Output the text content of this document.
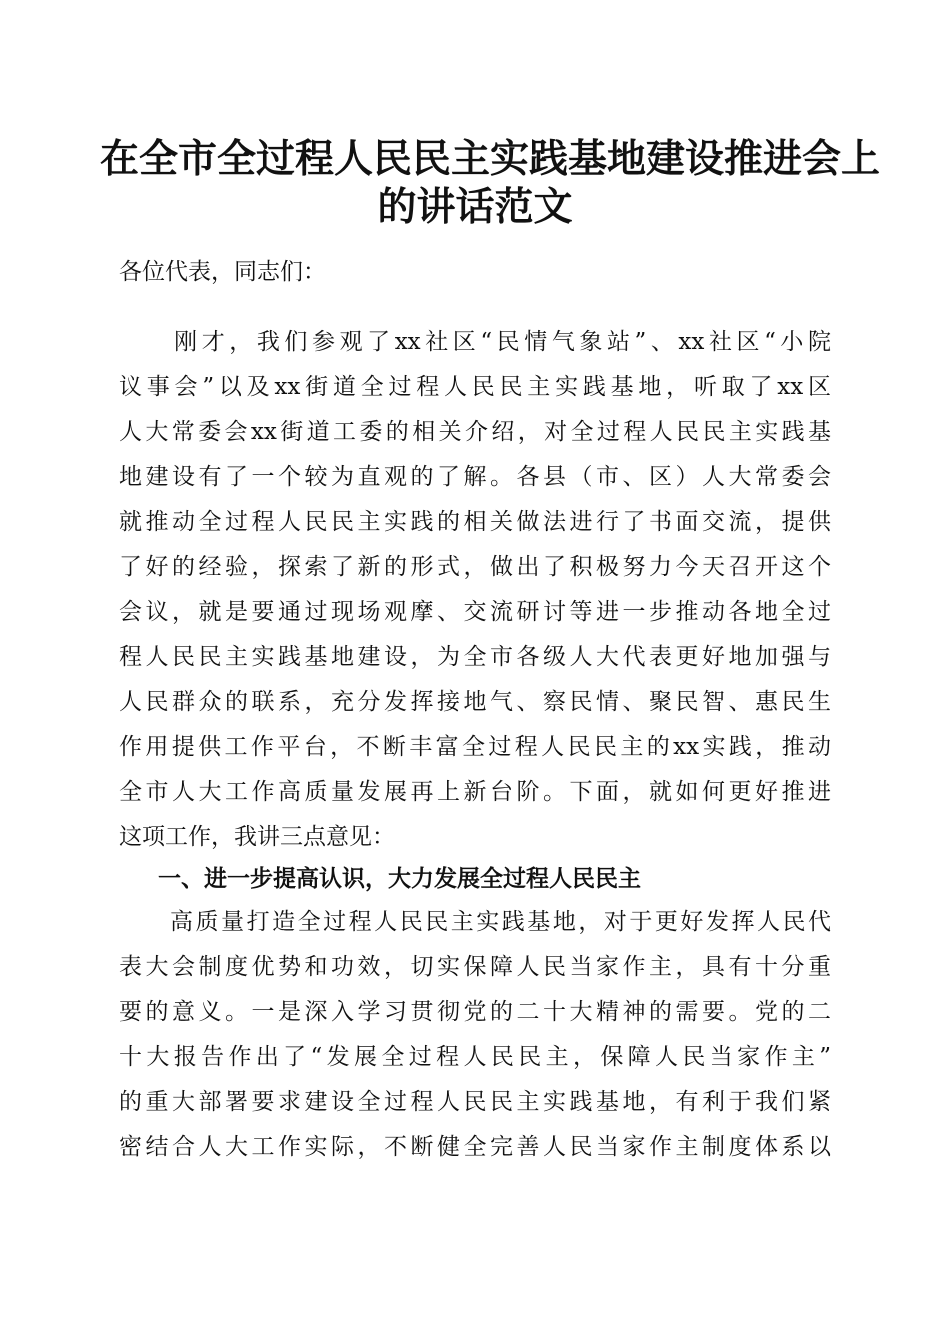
在全市全过程人民民主实践基地建设推进会上
的讲话范文
各位代表，同志们：
　　刚才，我们参观了xx社区“民情气象站”、xx社区“小院
议事会”以及xx街道全过程人民民主实践基地，听取了xx区
人大常委会xx街道工委的相关介绍，对全过程人民民主实践基
地建设有了一个较为直观的了解。各县（市、区）人大常委会
就推动全过程人民民主实践的相关做法进行了书面交流，提供
了好的经验，探索了新的形式，做出了积极努力今天召开这个
会议，就是要通过现场观摩、交流研讨等进一步推动各地全过
程人民民主实践基地建设，为全市各级人大代表更好地加强与
人民群众的联系，充分发挥接地气、察民情、聚民智、惠民生
作用提供工作平台，不断丰富全过程人民民主的xx实践，推动
全市人大工作高质量发展再上新台阶。下面，就如何更好推进
这项工作，我讲三点意见：
一、进一步提高认识，大力发展全过程人民民主
　　高质量打造全过程人民民主实践基地，对于更好发挥人民代
表大会制度优势和功效，切实保障人民当家作主，具有十分重
要的意义。一是深入学习贯彻党的二十大精神的需要。党的二
十大报告作出了“发展全过程人民民主，保障人民当家作主”
的重大部署要求建设全过程人民民主实践基地，有利于我们紧
密结合人大工作实际，不断健全完善人民当家作主制度体系以
